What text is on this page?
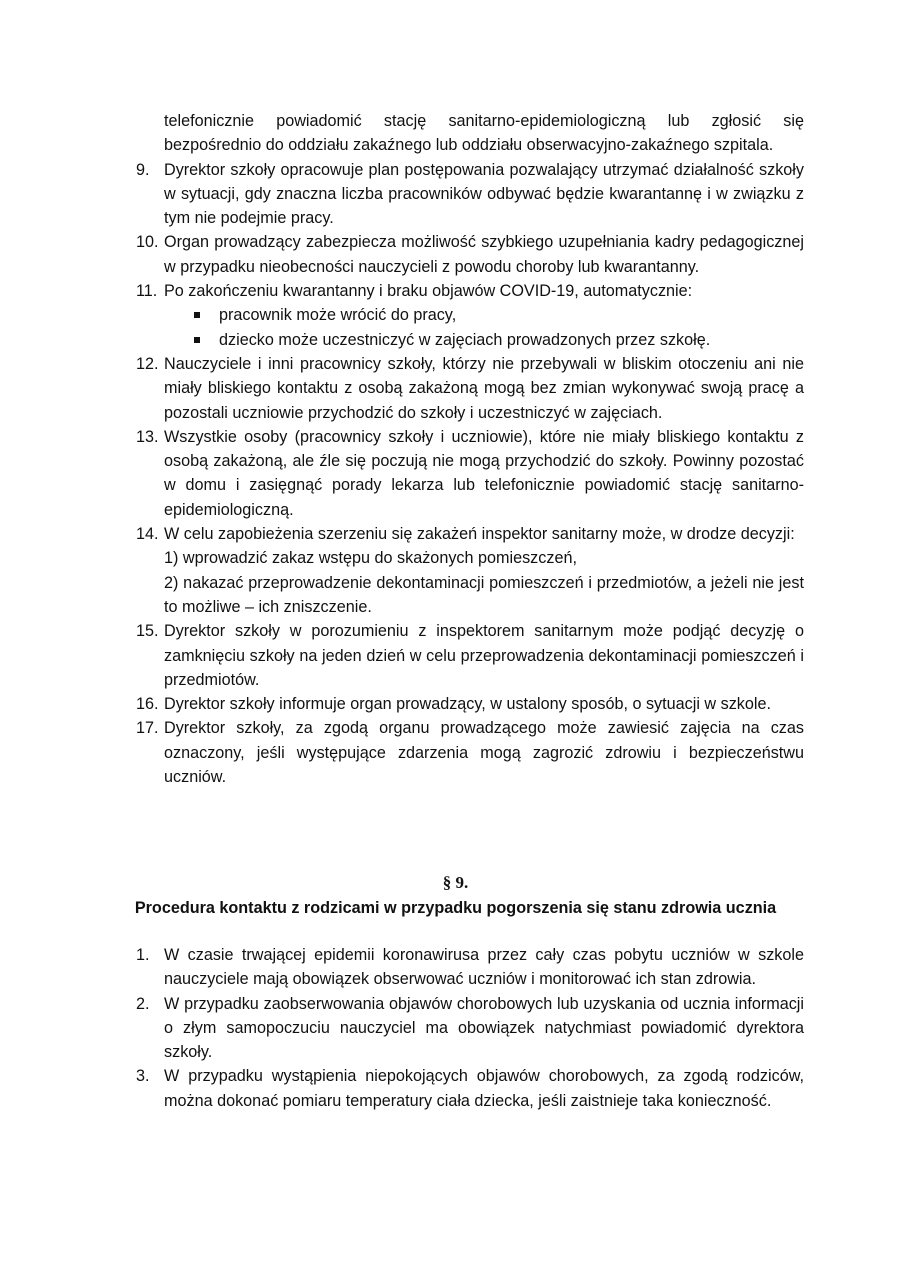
telefonicznie powiadomić stację sanitarno-epidemiologiczną lub zgłosić się
bezpośrednio do oddziału zakaźnego lub oddziału obserwacyjno-zakaźnego szpitala.
9. Dyrektor szkoły opracowuje plan postępowania pozwalający utrzymać działalność szkoły w sytuacji, gdy znaczna liczba pracowników odbywać będzie kwarantannę i w związku z tym nie podejmie pracy.
10. Organ prowadzący zabezpiecza możliwość szybkiego uzupełniania kadry pedagogicznej w przypadku nieobecności nauczycieli z powodu choroby lub kwarantanny.
11. Po zakończeniu kwarantanny i braku objawów COVID-19, automatycznie:
pracownik może wrócić do pracy,
dziecko może uczestniczyć w zajęciach prowadzonych przez szkołę.
12. Nauczyciele i inni pracownicy szkoły, którzy nie przebywali w bliskim otoczeniu ani nie miały bliskiego kontaktu z osobą zakażoną mogą bez zmian wykonywać swoją pracę a pozostali uczniowie przychodzić do szkoły i uczestniczyć w zajęciach.
13. Wszystkie osoby (pracownicy szkoły i uczniowie), które nie miały bliskiego kontaktu z osobą zakażoną, ale źle się poczują nie mogą przychodzić do szkoły. Powinny pozostać w domu i zasięgnąć porady lekarza lub telefonicznie powiadomić stację sanitarno-epidemiologiczną.
14. W celu zapobieżenia szerzeniu się zakażeń inspektor sanitarny może, w drodze decyzji:
1) wprowadzić zakaz wstępu do skażonych pomieszczeń,
2) nakazać przeprowadzenie dekontaminacji pomieszczeń i przedmiotów, a jeżeli nie jest to możliwe – ich zniszczenie.
15. Dyrektor szkoły w porozumieniu z inspektorem sanitarnym może podjąć decyzję o zamknięciu szkoły na jeden dzień w celu przeprowadzenia dekontaminacji pomieszczeń i przedmiotów.
16. Dyrektor szkoły informuje organ prowadzący, w ustalony sposób, o sytuacji w szkole.
17. Dyrektor szkoły, za zgodą organu prowadzącego może zawiesić zajęcia na czas oznaczony, jeśli występujące zdarzenia mogą zagrozić zdrowiu i bezpieczeństwu uczniów.
§ 9.
Procedura kontaktu z rodzicami w przypadku pogorszenia się stanu zdrowia ucznia
1. W czasie trwającej epidemii koronawirusa przez cały czas pobytu uczniów w szkole nauczyciele mają obowiązek obserwować uczniów i monitorować ich stan zdrowia.
2. W przypadku zaobserwowania objawów chorobowych lub uzyskania od ucznia informacji o złym samopoczuciu nauczyciel ma obowiązek natychmiast powiadomić dyrektora szkoły.
3. W przypadku wystąpienia niepokojących objawów chorobowych, za zgodą rodziców, można dokonać pomiaru temperatury ciała dziecka, jeśli zaistnieje taka konieczność.
